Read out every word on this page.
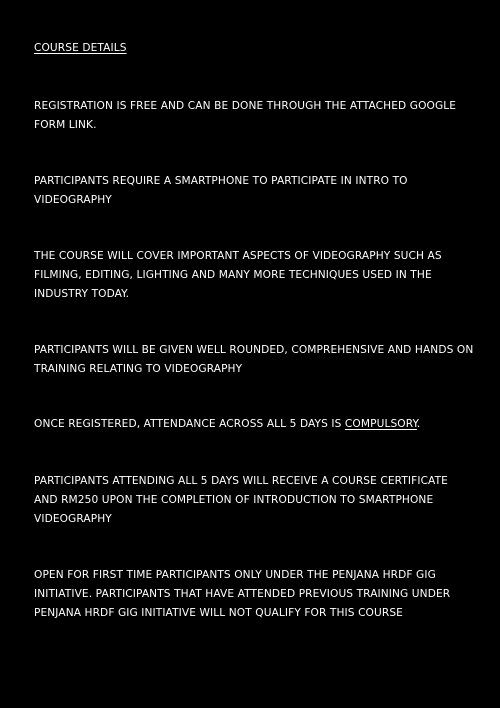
COURSE DETAILS

REGISTRATION IS FREE AND CAN BE DONE THROUGH THE ATTACHED GOOGLE FORM LINK.

PARTICIPANTS REQUIRE A SMARTPHONE TO PARTICIPATE IN INTRO TO VIDEOGRAPHY

THE COURSE WILL COVER IMPORTANT ASPECTS OF VIDEOGRAPHY SUCH AS FILMING, EDITING, LIGHTING AND MANY MORE TECHNIQUES USED IN THE INDUSTRY TODAY.

PARTICIPANTS WILL BE GIVEN WELL ROUNDED, COMPREHENSIVE AND HANDS ON TRAINING RELATING TO VIDEOGRAPHY

ONCE REGISTERED, ATTENDANCE ACROSS ALL 5 DAYS IS COMPULSORY.

PARTICIPANTS ATTENDING ALL 5 DAYS WILL RECEIVE A COURSE CERTIFICATE AND RM250 UPON THE COMPLETION OF INTRODUCTION TO SMARTPHONE VIDEOGRAPHY

OPEN FOR FIRST TIME PARTICIPANTS ONLY UNDER THE PENJANA HRDF GIG INITIATIVE. PARTICIPANTS THAT HAVE ATTENDED PREVIOUS TRAINING UNDER PENJANA HRDF GIG INITIATIVE WILL NOT QUALIFY FOR THIS COURSE
